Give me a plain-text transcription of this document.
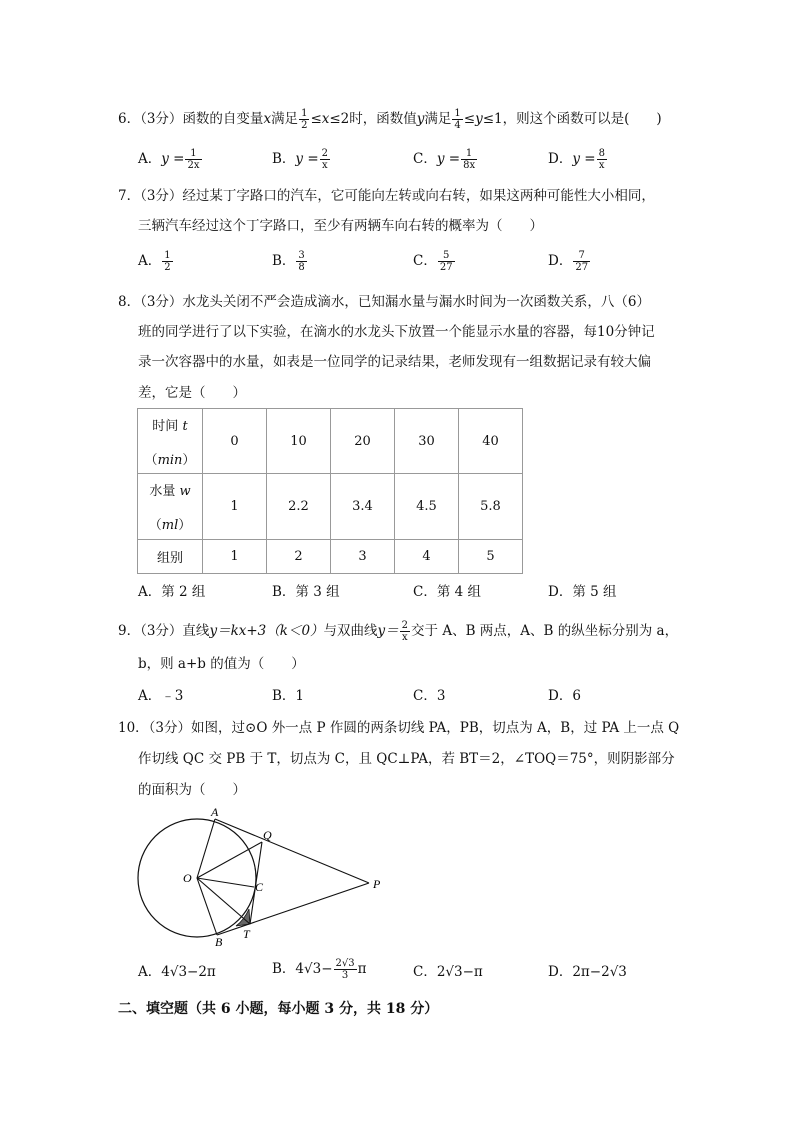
6．（3分）函数的自变量x满足 $\frac{1}{2} \le x\le 2$时，函数值y满足 $\frac{1}{4} \le y\le 1$，则这个函数可以是(　　)
A．$y = \frac{1}{2x}$	B．$y = \frac{2}{x}$	C．$y = \frac{1}{8x}$	D．$y = \frac{8}{x}$
7．（3分）经过某丁字路口的汽车，它可能向左转或向右转，如果这两种可能性大小相同，
三辆汽车经过这个丁字路口，至少有两辆车向右转的概率为（　　）
A． $\frac{1}{2}$	B． $\frac{3}{8}$	C． $\frac{5}{27}$	D． $\frac{7}{27}$
8．（3分）水龙头关闭不严会造成滴水，已知漏水量与漏水时间为一次函数关系，八（6）
班的同学进行了以下实验，在滴水的水龙头下放置一个能显示水量的容器，每10分钟记
录一次容器中的水量，如表是一位同学的记录结果，老师发现有一组数据记录有较大偏
差，它是（　　）
时间 t

（min）	0	10	20	30	40
水量 w

（ml）	1	2.2	3.4	4.5	5.8
组别	1	2	3	4	5
A．第 2 组	B．第 3 组	C．第 4 组	D．第 5 组
9．（3分）直线y＝kx+3（k＜0）与双曲线$y= \frac{2}{x}$ 交于 A、B 两点，A、B 的纵坐标分别为 a，
b，则 a+b 的值为（　　）
A．﹣3	B．1	C．3	D．6
10．（3分）如图，过⊙O 外一点 P 作圆的两条切线 PA，PB，切点为 A，B，过 PA 上一点 Q
作切线 QC 交 PB 于 T，切点为 C，且 QC⊥PA，若 BT＝2，∠TOQ＝75°，则阴影部分
的面积为（　　）
A
Q
O
C	P
B
T
A．4√3−2π	B．$4√3- \frac{2√3}{3}$ π	C．2√3−π	D．2π−2√3
二、填空题（共 6 小题，每小题 3 分，共 18 分）
